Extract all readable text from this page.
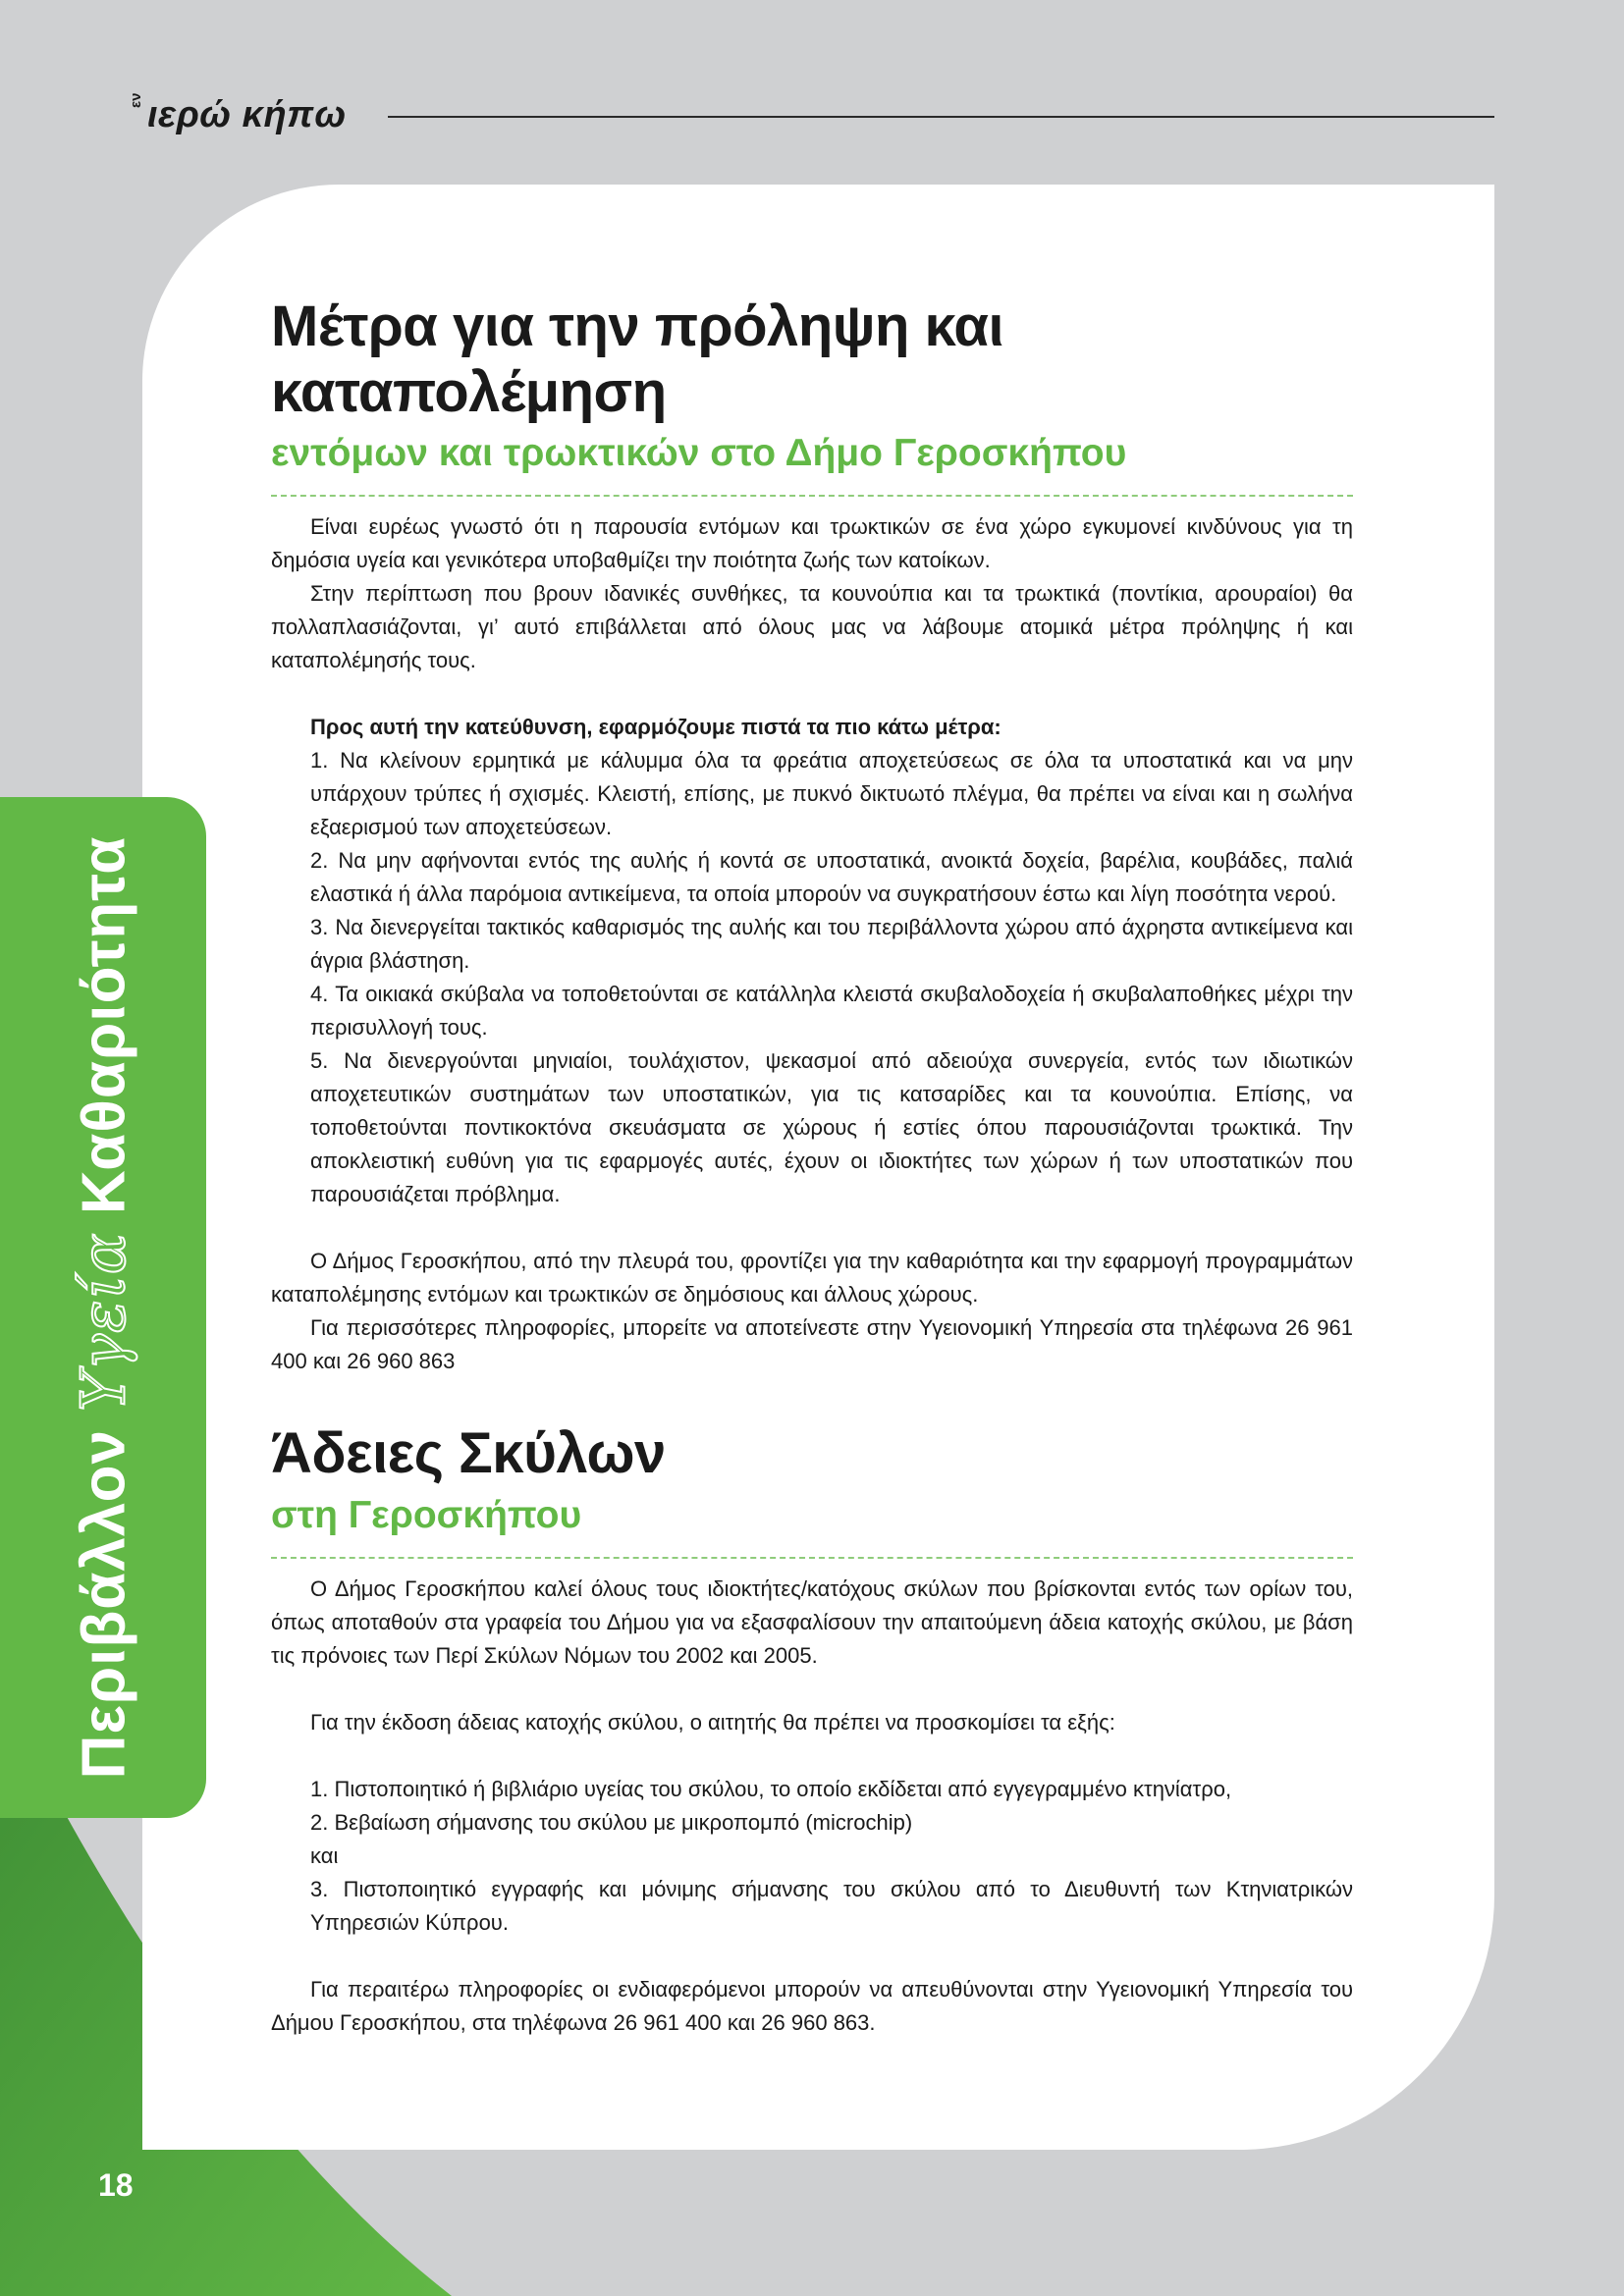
εν ιερώ κήπω
Περιβάλλον Υγεία Καθαριότητα
Μέτρα για την πρόληψη και καταπολέμηση
εντόμων και τρωκτικών στο Δήμο Γεροσκήπου

Είναι ευρέως γνωστό ότι η παρουσία εντόμων και τρωκτικών σε ένα χώρο εγκυμονεί κινδύνους για τη δημόσια υγεία και γενικότερα υποβαθμίζει την ποιότητα ζωής των κατοίκων.

Στην περίπτωση που βρουν ιδανικές συνθήκες, τα κουνούπια και τα τρωκτικά (ποντίκια, αρουραίοι) θα πολλαπλασιάζονται, γι’ αυτό επιβάλλεται από όλους μας να λάβουμε ατομικά μέτρα πρόληψης ή και καταπολέμησής τους.

Προς αυτή την κατεύθυνση, εφαρμόζουμε πιστά τα πιο κάτω μέτρα:

1. Να κλείνουν ερμητικά με κάλυμμα όλα τα φρεάτια αποχετεύσεως σε όλα τα υποστατικά και να μην υπάρχουν τρύπες ή σχισμές. Κλειστή, επίσης, με πυκνό δικτυωτό πλέγμα, θα πρέπει να είναι και η σωλήνα εξαερισμού των αποχετεύσεων.

2. Να μην αφήνονται εντός της αυλής ή κοντά σε υποστατικά, ανοικτά δοχεία, βαρέλια, κουβάδες, παλιά ελαστικά ή άλλα παρόμοια αντικείμενα, τα οποία μπορούν να συγκρατήσουν έστω και λίγη ποσότητα νερού.

3. Να διενεργείται τακτικός καθαρισμός της αυλής και του περιβάλλοντα χώρου από άχρηστα αντικείμενα και άγρια βλάστηση.

4. Τα οικιακά σκύβαλα να τοποθετούνται σε κατάλληλα κλειστά σκυβαλοδοχεία ή σκυβαλαποθήκες μέχρι την περισυλλογή τους.

5. Να διενεργούνται μηνιαίοι, τουλάχιστον, ψεκασμοί από αδειούχα συνεργεία, εντός των ιδιωτικών αποχετευτικών συστημάτων των υποστατικών, για τις κατσαρίδες και τα κουνούπια. Επίσης, να τοποθετούνται ποντικοκτόνα σκευάσματα σε χώρους ή εστίες όπου παρουσιάζονται τρωκτικά. Την αποκλειστική ευθύνη για τις εφαρμογές αυτές, έχουν οι ιδιοκτήτες των χώρων ή των υποστατικών που παρουσιάζεται πρόβλημα.

Ο Δήμος Γεροσκήπου, από την πλευρά του, φροντίζει για την καθαριότητα και την εφαρμογή προγραμμάτων καταπολέμησης εντόμων και τρωκτικών σε δημόσιους και άλλους χώρους.

Για περισσότερες πληροφορίες, μπορείτε να αποτείνεστε στην Υγειονομική Υπηρεσία στα τηλέφωνα 26 961 400 και 26 960 863

Άδειες Σκύλων
στη Γεροσκήπου

Ο Δήμος Γεροσκήπου καλεί όλους τους ιδιοκτήτες/κατόχους σκύλων που βρίσκονται εντός των ορίων του, όπως αποταθούν στα γραφεία του Δήμου για να εξασφαλίσουν την απαιτούμενη άδεια κατοχής σκύλου, με βάση τις πρόνοιες των Περί Σκύλων Νόμων του 2002 και 2005.

Για την έκδοση άδειας κατοχής σκύλου, ο αιτητής θα πρέπει να προσκομίσει τα εξής:

1. Πιστοποιητικό ή βιβλιάριο υγείας του σκύλου, το οποίο εκδίδεται από εγγεγραμμένο κτηνίατρο,

2. Βεβαίωση σήμανσης του σκύλου με μικροπομπό (microchip)

και

3. Πιστοποιητικό εγγραφής και μόνιμης σήμανσης του σκύλου από το Διευθυντή των Κτηνιατρικών Υπηρεσιών Κύπρου.

Για περαιτέρω πληροφορίες οι ενδιαφερόμενοι μπορούν να απευθύνονται στην Υγειονομική Υπηρεσία του Δήμου Γεροσκήπου, στα τηλέφωνα 26 961 400 και 26 960 863.

18
